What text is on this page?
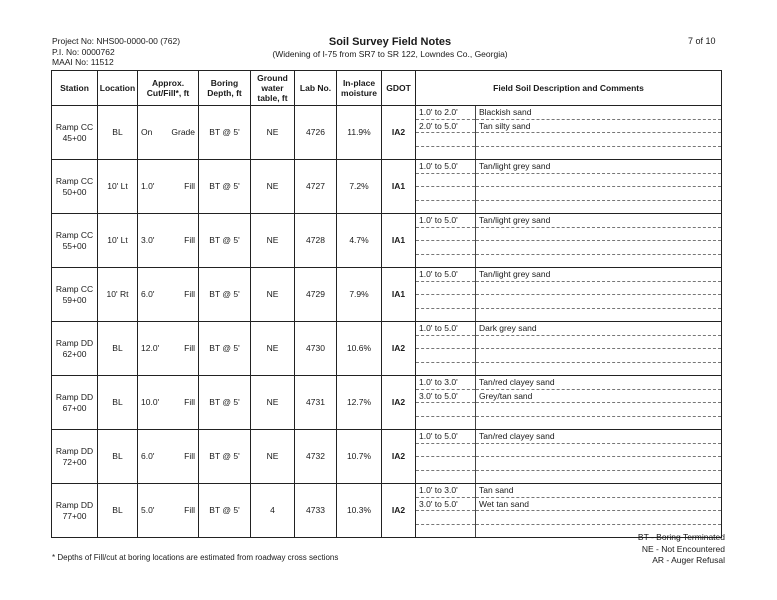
Project No: NHS00-0000-00 (762)
P.I. No: 0000762
MAAI No: 11512
Soil Survey Field Notes
(Widening of I-75 from SR7 to SR 122, Lowndes Co., Georgia)
7 of 10
Station	Location	Approx. Cut/Fill*, ft	Boring Depth, ft	Ground water table, ft	Lab No.	In-place moisture	GDOT	Field Soil Description and Comments

Ramp CC
45+00
	BL	On Grade	BT @ 5'	NE	4726	11.9%	IA2	
1.0' to 2.0'	Blackish sand
2.0' to 5.0'	Tan silty sand

Ramp CC
50+00
	10' Lt	1.0'	Fill	BT @ 5'	NE	4727	7.2%	IA1	
1.0' to 5.0'	Tan/light grey sand

Ramp CC
55+00
	10' Lt	3.0'	Fill	BT @ 5'	NE	4728	4.7%	IA1	
1.0' to 5.0'	Tan/light grey sand

Ramp CC
59+00
	10' Rt	6.0'	Fill	BT @ 5'	NE	4729	7.9%	IA1	
1.0' to 5.0'	Tan/light grey sand

Ramp DD
62+00
	BL	12.0'	Fill	BT @ 5'	NE	4730	10.6%	IA2	
1.0' to 5.0'	Dark grey sand

Ramp DD
67+00
	BL	10.0'	Fill	BT @ 5'	NE	4731	12.7%	IA2	
1.0' to 3.0'	Tan/red clayey sand
3.0' to 5.0'	Grey/tan sand

Ramp DD
72+00
	BL	6.0'	Fill	BT @ 5'	NE	4732	10.7%	IA2	
1.0' to 5.0'	Tan/red clayey sand

Ramp DD
77+00
	BL	5.0'	Fill	BT @ 5'	4	4733	10.3%	IA2	
1.0' to 3.0'	Tan sand
3.0' to 5.0'	Wet tan sand

BT - Boring Terminated
NE - Not Encountered
AR - Auger Refusal
* Depths of Fill/cut at boring locations are estimated from roadway cross sections
